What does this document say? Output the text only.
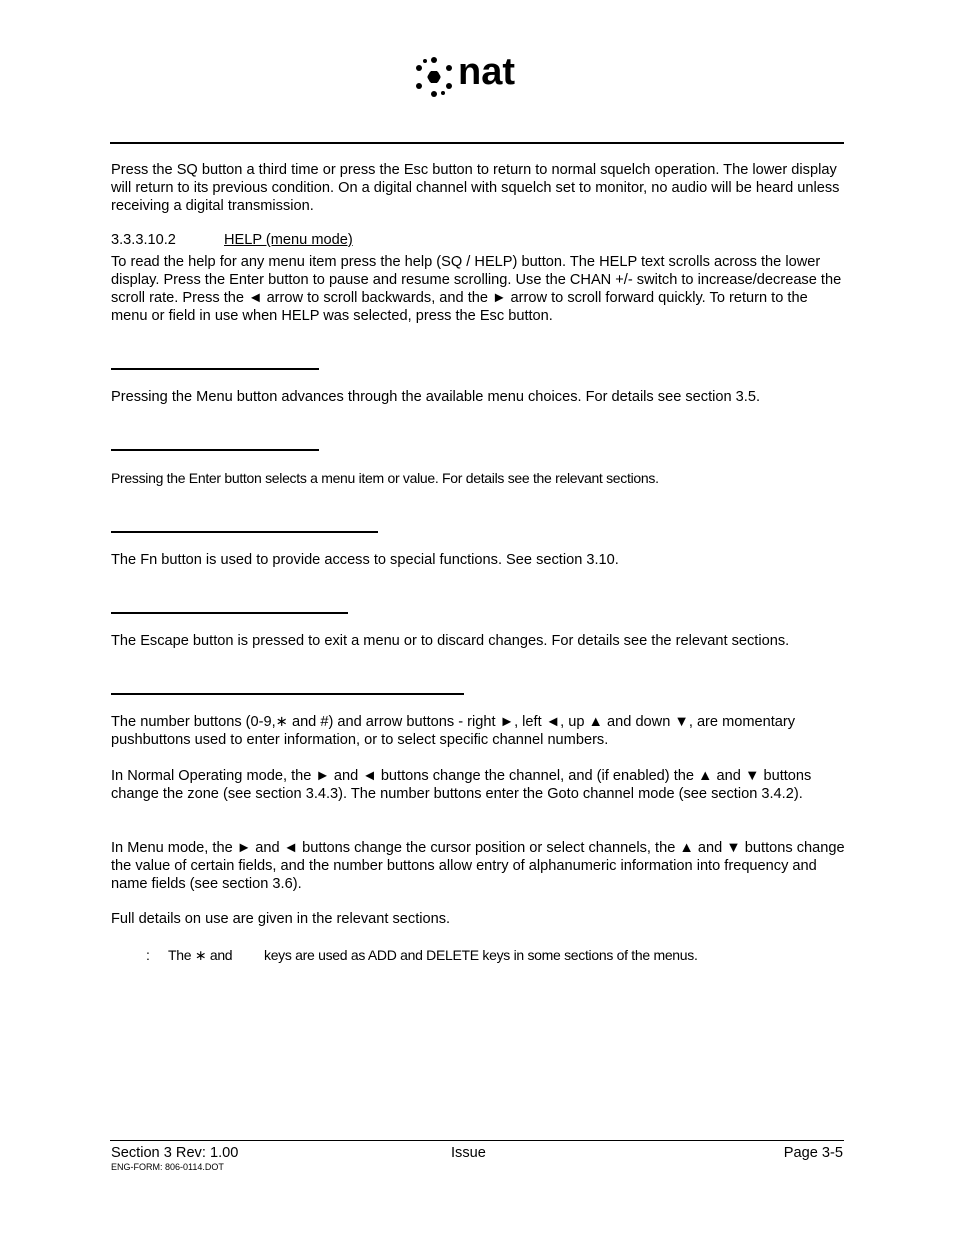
nat

Press the SQ button a third time or press the Esc button to return to normal squelch operation. The lower display will return to its previous condition. On a digital channel with squelch set to monitor, no audio will be heard unless receiving a digital transmission.

3.3.3.10.2	HELP (menu mode)

To read the help for any menu item press the help (SQ / HELP) button. The HELP text scrolls across the lower display. Press the Enter button to pause and resume scrolling. Use the CHAN +/- switch to increase/decrease the scroll rate. Press the ◄ arrow to scroll backwards, and the ► arrow to scroll forward quickly. To return to the menu or field in use when HELP was selected, press the Esc button.

Pressing the Menu button advances through the available menu choices. For details see section 3.5.

Pressing the Enter button selects a menu item or value. For details see the relevant sections.

The Fn button is used to provide access to special functions. See section 3.10.

The Escape button is pressed to exit a menu or to discard changes. For details see the relevant sections.

The number buttons (0-9,∗ and #) and arrow buttons - right ►, left ◄, up ▲ and down ▼, are momentary pushbuttons used to enter information, or to select specific channel numbers.

In Normal Operating mode, the ► and ◄ buttons change the channel, and (if enabled) the ▲ and ▼ buttons change the zone (see section 3.4.3). The number buttons enter the Goto channel mode (see section 3.4.2).

In Menu mode, the ► and ◄ buttons change the cursor position or select channels, the ▲ and ▼ buttons change the value of certain fields, and the number buttons allow entry of alphanumeric information into frequency and name fields (see section 3.6).

Full details on use are given in the relevant sections.

: The ∗ and keys are used as ADD and DELETE keys in some sections of the menus.
Section 3 Rev: 1.00	Issue	Page 3-5
ENG-FORM: 806-0114.DOT
